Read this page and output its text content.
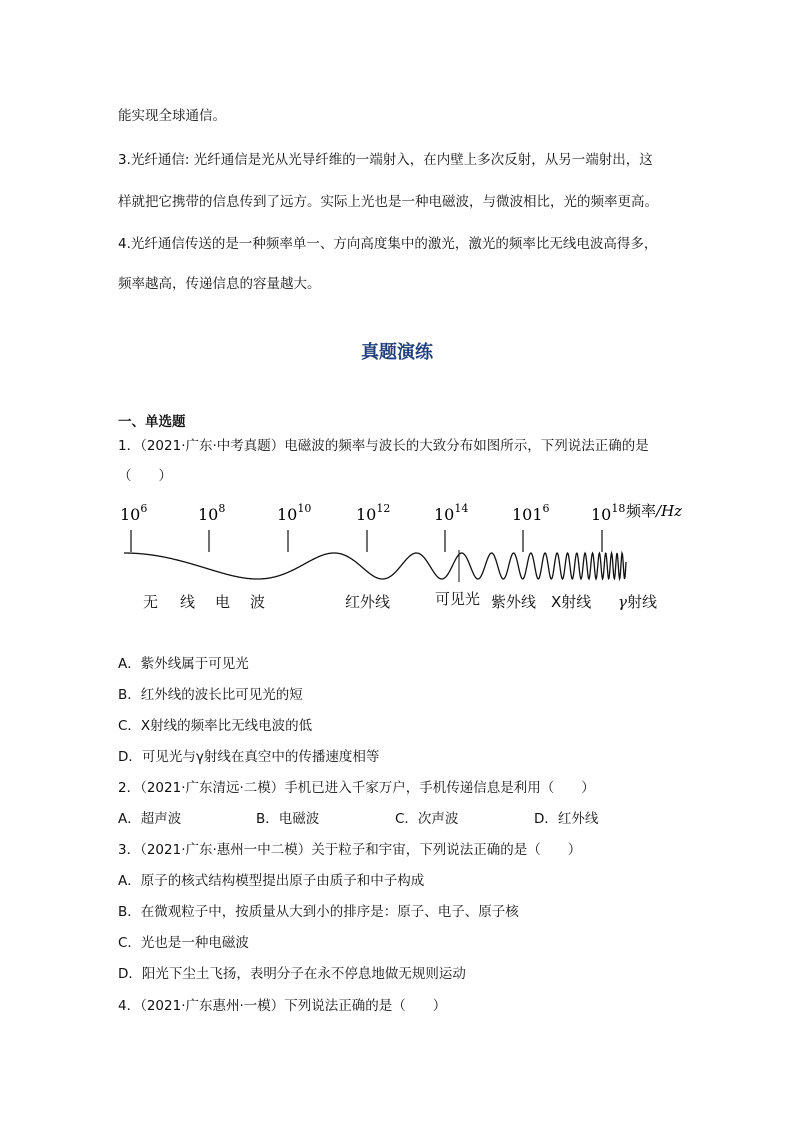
能实现全球通信。
3.光纤通信: 光纤通信是光从光导纤维的一端射入，在内壁上多次反射，从另一端射出，这
样就把它携带的信息传到了远方。实际上光也是一种电磁波，与微波相比，光的频率更高。
4.光纤通信传送的是一种频率单一、方向高度集中的激光，激光的频率比无线电波高得多，
频率越高，传递信息的容量越大。
真题演练
一、单选题
1．（2021·广东·中考真题）电磁波的频率与波长的大致分布如图所示，下列说法正确的是
（　　）
$10^6$	$10^8$	$10^{10}$	$10^{12}$	$10^{14}$	$101^6$	$10^{18}$ 频率/Hz
无 线 电 波	红外线	可见光 紫外线 X射线 γ射线
A．紫外线属于可见光
B．红外线的波长比可见光的短
C．X射线的频率比无线电波的低
D．可见光与γ射线在真空中的传播速度相等
2．（2021·广东清远·二模）手机已进入千家万户，手机传递信息是利用（　　）
A．超声波	B．电磁波	C．次声波	D．红外线
3．（2021·广东·惠州一中二模）关于粒子和宇宙，下列说法正确的是（　　）
A．原子的核式结构模型提出原子由质子和中子构成
B．在微观粒子中，按质量从大到小的排序是：原子、电子、原子核
C．光也是一种电磁波
D．阳光下尘土飞扬，表明分子在永不停息地做无规则运动
4．（2021·广东惠州·一模）下列说法正确的是（　　）
